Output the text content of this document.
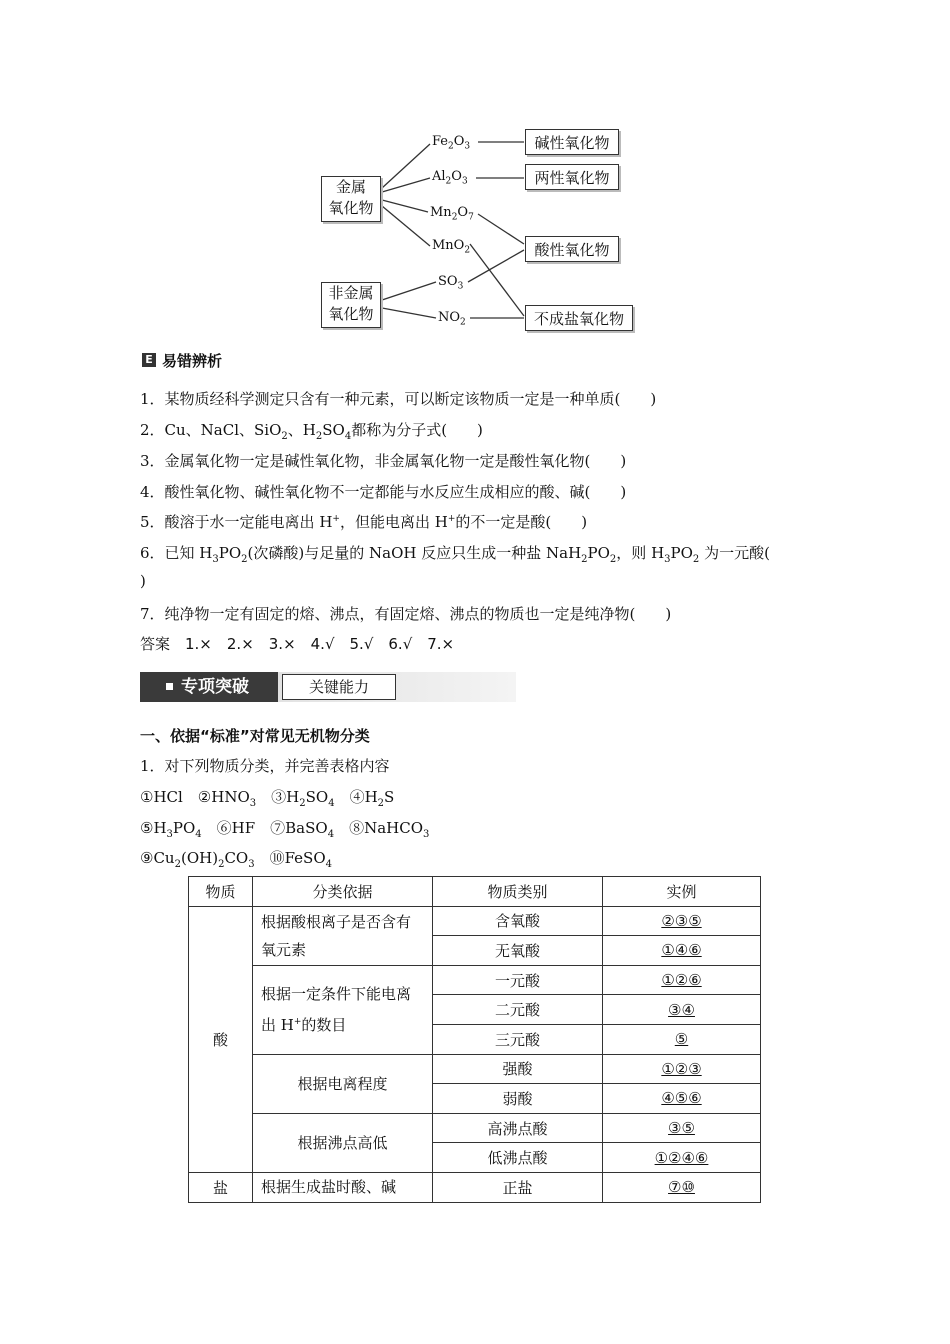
金属
氧化物
非金属
氧化物
$Fe_2O_3$
$Al_2O_3$
$Mn_2O_7$
MnO$_2$
$SO_3$
$NO_2$
碱性氧化物
两性氧化物
酸性氧化物
不成盐氧化物
E 易错辨析
1．某物质经科学测定只含有一种元素，可以断定该物质一定是一种单质(　　)
2．Cu、NaCl、SiO$_2$、$H_2SO_4$都称为分子式(　　)
3．金属氧化物一定是碱性氧化物，非金属氧化物一定是酸性氧化物(　　)
4．酸性氧化物、碱性氧化物不一定都能与水反应生成相应的酸、碱(　　)
5．酸溶于水一定能电离出 H+，但能电离出 H+的不一定是酸(　　)
6．已知 $H_3PO_2$(次磷酸)与足量的 NaOH 反应只生成一种盐 $NaH_2PO_2$，则 $H_3PO_2$ 为一元酸(
)
7．纯净物一定有固定的熔、沸点，有固定熔、沸点的物质也一定是纯净物(　　)
答案　1.×　2.×　3.×　4.√　5.√　6.√　7.×
专项突破	关键能力
一、依据“标准”对常见无机物分类
1．对下列物质分类，并完善表格内容
①HCl　$②HNO_3$　$③H_2SO_4$　$④H_2S$
$⑤H_3PO_4$　⑥HF　⑦BaSO$_4$　⑧NaHCO$_3$
$⑨Cu_2(OH)_2CO_3$　⑩FeSO$_4$
物质	分类依据	物质类别	实例
酸	根据酸根离子是否含有氧元素	含氧酸	②③⑤
		无氧酸	①④⑥
	根据一定条件下能电离出 H+的数目	一元酸	①②⑥
		二元酸	③④
		三元酸	⑤
	根据电离程度	强酸	①②③
		弱酸	④⑤⑥
	根据沸点高低	高沸点酸	③⑤
		低沸点酸	①②④⑥
盐	根据生成盐时酸、碱	正盐	⑦⑩
